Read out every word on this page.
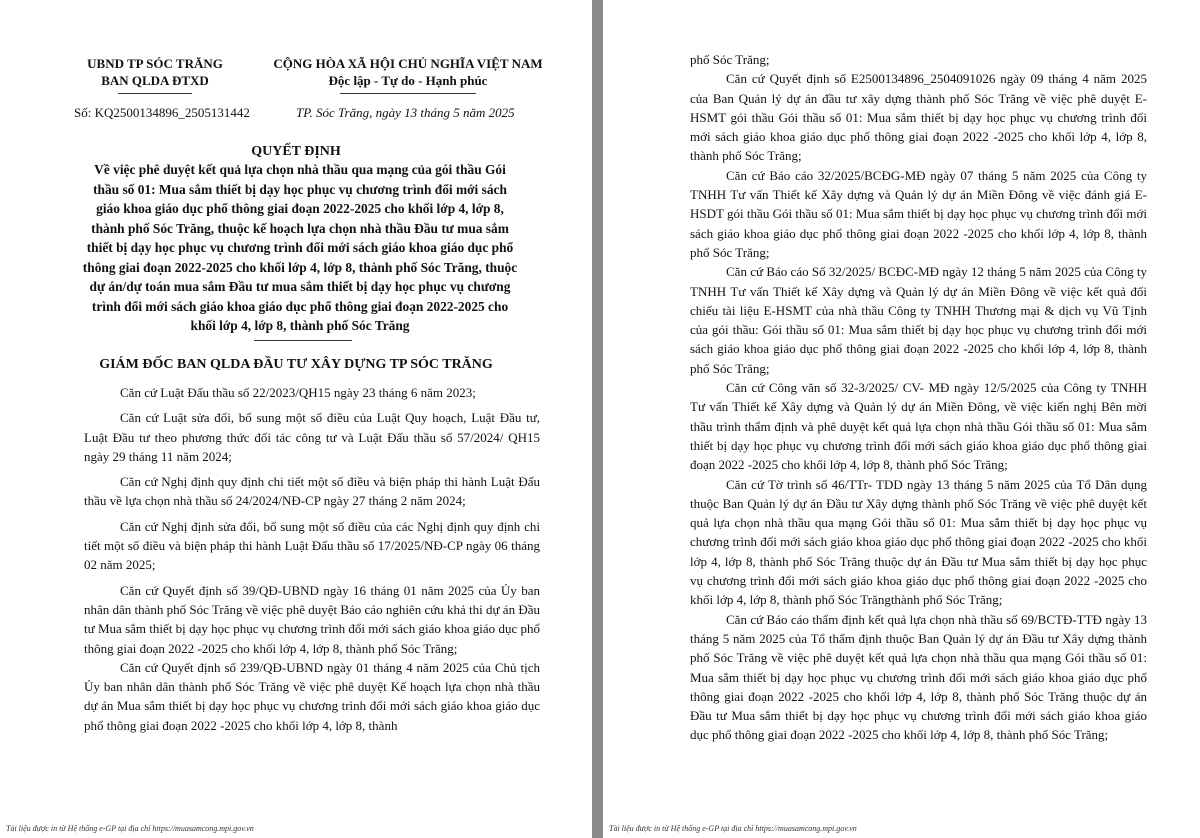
UBND TP SÓC TRĂNG
BAN QLDA ĐTXD
CỘNG HÒA XÃ HỘI CHỦ NGHĨA VIỆT NAM
Độc lập - Tự do - Hạnh phúc
Số: KQ2500134896_2505131442	TP. Sóc Trăng, ngày 13 tháng 5 năm 2025
QUYẾT ĐỊNH
Về việc phê duyệt kết quả lựa chọn nhà thầu qua mạng của gói thầu Gói thầu số 01: Mua sắm thiết bị dạy học phục vụ chương trình đổi mới sách giáo khoa giáo dục phổ thông giai đoạn 2022-2025 cho khối lớp 4, lớp 8, thành phố Sóc Trăng, thuộc kế hoạch lựa chọn nhà thầu Đầu tư mua sắm thiết bị dạy học phục vụ chương trình đổi mới sách giáo khoa giáo dục phổ thông giai đoạn 2022-2025 cho khối lớp 4, lớp 8, thành phố Sóc Trăng, thuộc dự án/dự toán mua sắm Đầu tư mua sắm thiết bị dạy học phục vụ chương trình đổi mới sách giáo khoa giáo dục phổ thông giai đoạn 2022-2025 cho khối lớp 4, lớp 8, thành phố Sóc Trăng
GIÁM ĐỐC BAN QLDA ĐẦU TƯ XÂY DỰNG TP SÓC TRĂNG

Căn cứ Luật Đấu thầu số 22/2023/QH15 ngày 23 tháng 6 năm 2023;

Căn cứ Luật sửa đổi, bổ sung một số điều của Luật Quy hoạch, Luật Đầu tư, Luật Đầu tư theo phương thức đối tác công tư và Luật Đấu thầu số 57/2024/ QH15 ngày 29 tháng 11 năm 2024;

Căn cứ Nghị định quy định chi tiết một số điều và biện pháp thi hành Luật Đấu thầu về lựa chọn nhà thầu số 24/2024/NĐ-CP ngày 27 tháng 2 năm 2024;

Căn cứ Nghị định sửa đổi, bổ sung một số điều của các Nghị định quy định chi tiết một số điều và biện pháp thi hành Luật Đấu thầu số 17/2025/NĐ-CP ngày 06 tháng 02 năm 2025;

Căn cứ Quyết định số 39/QĐ-UBND ngày 16 tháng 01 năm 2025 của Ủy ban nhân dân thành phố Sóc Trăng về việc phê duyệt Báo cáo nghiên cứu khả thi dự án Đầu tư Mua sắm thiết bị dạy học phục vụ chương trình đổi mới sách giáo khoa giáo dục phổ thông giai đoạn 2022 -2025 cho khối lớp 4, lớp 8, thành phố Sóc Trăng;

Căn cứ Quyết định số 239/QĐ-UBND ngày 01 tháng 4 năm 2025 của Chủ tịch Ủy ban nhân dân thành phố Sóc Trăng về việc phê duyệt Kế hoạch lựa chọn nhà thầu dự án Mua sắm thiết bị dạy học phục vụ chương trình đổi mới sách giáo khoa giáo dục phổ thông giai đoạn 2022 -2025 cho khối lớp 4, lớp 8, thành

Tài liệu được in từ Hệ thống e-GP tại địa chỉ https://muasamcong.mpi.gov.vn

phố Sóc Trăng;

Căn cứ Quyết định số E2500134896_2504091026 ngày 09 tháng 4 năm 2025 của Ban Quản lý dự án đầu tư xây dựng thành phố Sóc Trăng về việc phê duyệt E- HSMT gói thầu Gói thầu số 01: Mua sắm thiết bị dạy học phục vụ chương trình đổi mới sách giáo khoa giáo dục phổ thông giai đoạn 2022 -2025 cho khối lớp 4, lớp 8, thành phố Sóc Trăng;

Căn cứ Báo cáo 32/2025/BCĐG-MĐ ngày 07 tháng 5 năm 2025 của Công ty TNHH Tư vấn Thiết kế Xây dựng và Quản lý dự án Miền Đông về việc đánh giá E-HSDT gói thầu Gói thầu số 01: Mua sắm thiết bị dạy học phục vụ chương trình đổi mới sách giáo khoa giáo dục phổ thông giai đoạn 2022 -2025 cho khối lớp 4, lớp 8, thành phố Sóc Trăng;

Căn cứ Báo cáo Số 32/2025/ BCĐC-MĐ ngày 12 tháng 5 năm 2025 của Công ty TNHH Tư vấn Thiết kế Xây dựng và Quản lý dự án Miền Đông về việc kết quả đối chiếu tài liệu E-HSMT của nhà thầu Công ty TNHH Thương mại & dịch vụ Vũ Tịnh của gói thầu: Gói thầu số 01: Mua sắm thiết bị dạy học phục vụ chương trình đổi mới sách giáo khoa giáo dục phổ thông giai đoạn 2022 -2025 cho khối lớp 4, lớp 8, thành phố Sóc Trăng;

Căn cứ Công văn số 32-3/2025/ CV- MĐ ngày 12/5/2025 của Công ty TNHH Tư vấn Thiết kế Xây dựng và Quản lý dự án Miền Đông, về việc kiến nghị Bên mời thầu trình thẩm định và phê duyệt kết quả lựa chọn nhà thầu Gói thầu số 01: Mua sắm thiết bị dạy học phục vụ chương trình đổi mới sách giáo khoa giáo dục phổ thông giai đoạn 2022 -2025 cho khối lớp 4, lớp 8, thành phố Sóc Trăng;

Căn cứ Tờ trình số 46/TTr- TDD ngày 13 tháng 5 năm 2025 của Tổ Dân dụng thuộc Ban Quản lý dự án Đầu tư Xây dựng thành phố Sóc Trăng về việc phê duyệt kết quả lựa chọn nhà thầu qua mạng Gói thầu số 01: Mua sắm thiết bị dạy học phục vụ chương trình đổi mới sách giáo khoa giáo dục phổ thông giai đoạn 2022 -2025 cho khối lớp 4, lớp 8, thành phố Sóc Trăng thuộc dự án Đầu tư Mua sắm thiết bị dạy học phục vụ chương trình đổi mới sách giáo khoa giáo dục phổ thông giai đoạn 2022 -2025 cho khối lớp 4, lớp 8, thành phố Sóc Trăngthành phố Sóc Trăng;

Căn cứ Báo cáo thẩm định kết quả lựa chọn nhà thầu số 69/BCTĐ-TTĐ ngày 13 tháng 5 năm 2025 của Tổ thẩm định thuộc Ban Quản lý dự án Đầu tư Xây dựng thành phố Sóc Trăng về việc phê duyệt kết quả lựa chọn nhà thầu qua mạng Gói thầu số 01: Mua sắm thiết bị dạy học phục vụ chương trình đổi mới sách giáo khoa giáo dục phổ thông giai đoạn 2022 -2025 cho khối lớp 4, lớp 8, thành phố Sóc Trăng thuộc dự án Đầu tư Mua sắm thiết bị dạy học phục vụ chương trình đổi mới sách giáo khoa giáo dục phổ thông giai đoạn 2022 -2025 cho khối lớp 4, lớp 8, thành phố Sóc Trăng;

Tài liệu được in từ Hệ thống e-GP tại địa chỉ https://muasamcong.mpi.gov.vn
